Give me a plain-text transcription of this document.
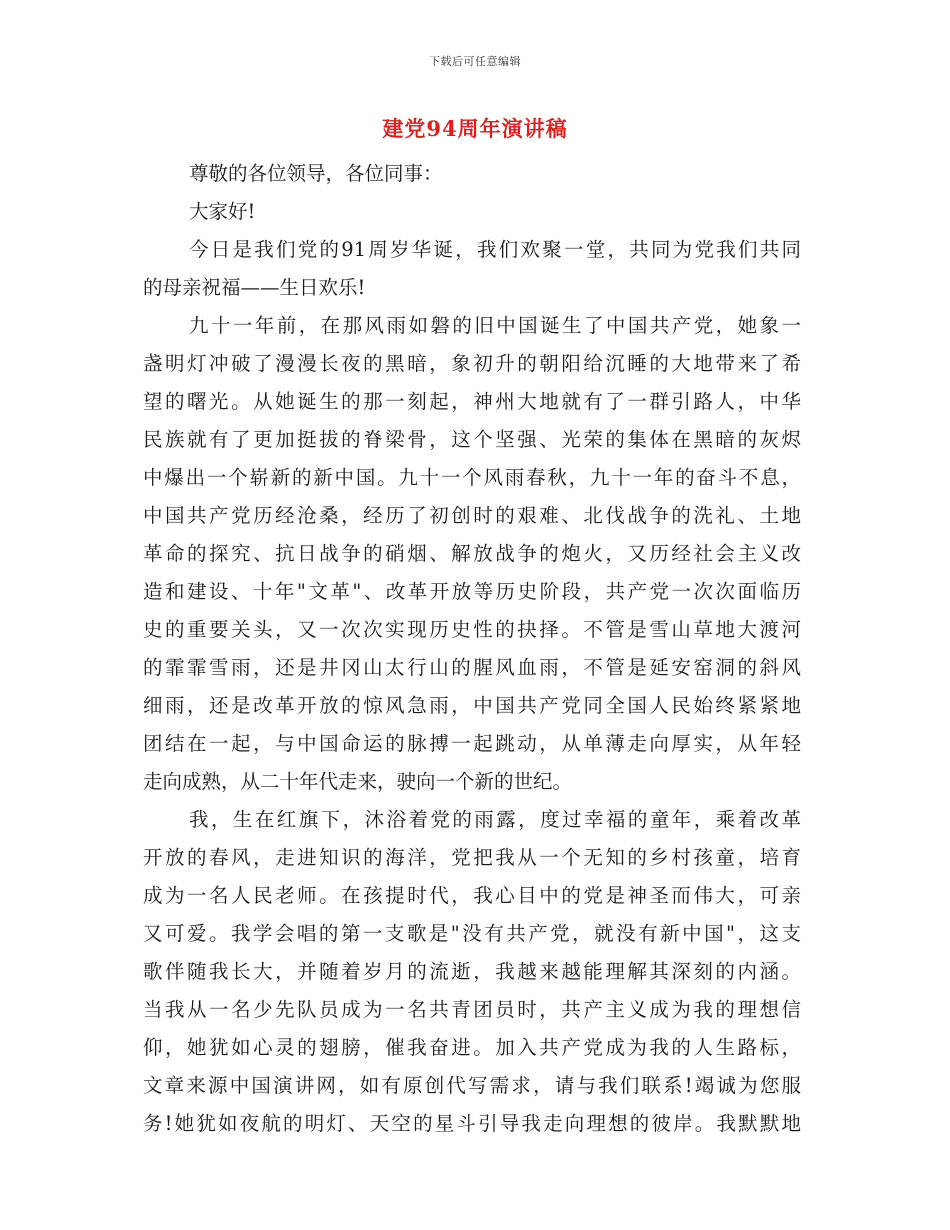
下载后可任意编辑
建党94周年演讲稿
尊敬的各位领导，各位同事：
大家好!
今日是我们党的91周岁华诞，我们欢聚一堂，共同为党我们共同
的母亲祝福——生日欢乐!
九十一年前，在那风雨如磐的旧中国诞生了中国共产党，她象一
盏明灯冲破了漫漫长夜的黑暗，象初升的朝阳给沉睡的大地带来了希
望的曙光。从她诞生的那一刻起，神州大地就有了一群引路人，中华
民族就有了更加挺拔的脊梁骨，这个坚强、光荣的集体在黑暗的灰烬
中爆出一个崭新的新中国。九十一个风雨春秋，九十一年的奋斗不息，
中国共产党历经沧桑，经历了初创时的艰难、北伐战争的洗礼、土地
革命的探究、抗日战争的硝烟、解放战争的炮火，又历经社会主义改
造和建设、十年"文革"、改革开放等历史阶段，共产党一次次面临历
史的重要关头，又一次次实现历史性的抉择。不管是雪山草地大渡河
的霏霏雪雨，还是井冈山太行山的腥风血雨，不管是延安窑洞的斜风
细雨，还是改革开放的惊风急雨，中国共产党同全国人民始终紧紧地
团结在一起，与中国命运的脉搏一起跳动，从单薄走向厚实，从年轻
走向成熟，从二十年代走来，驶向一个新的世纪。
我，生在红旗下，沐浴着党的雨露，度过幸福的童年，乘着改革
开放的春风，走进知识的海洋，党把我从一个无知的乡村孩童，培育
成为一名人民老师。在孩提时代，我心目中的党是神圣而伟大，可亲
又可爱。我学会唱的第一支歌是"没有共产党，就没有新中国"，这支
歌伴随我长大，并随着岁月的流逝，我越来越能理解其深刻的内涵。
当我从一名少先队员成为一名共青团员时，共产主义成为我的理想信
仰，她犹如心灵的翅膀，催我奋进。加入共产党成为我的人生路标，
文章来源中国演讲网，如有原创代写需求，请与我们联系!竭诚为您服
务!她犹如夜航的明灯、天空的星斗引导我走向理想的彼岸。我默默地
